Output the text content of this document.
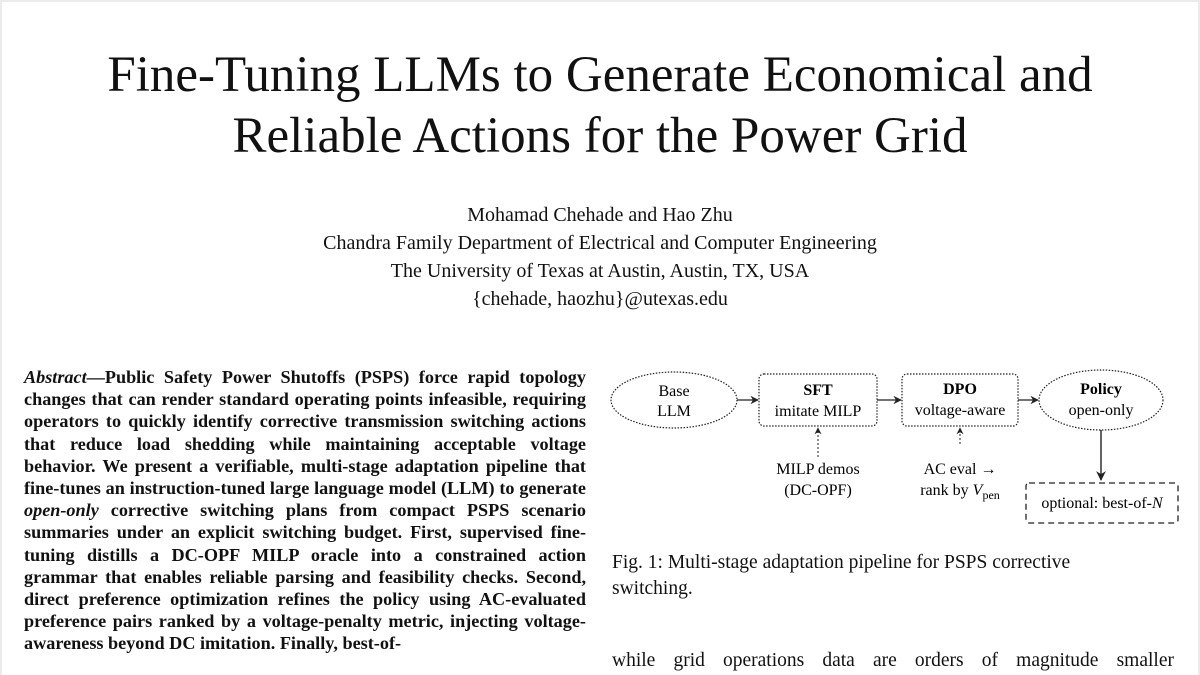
Fine-Tuning LLMs to Generate Economical and
Reliable Actions for the Power Grid
Mohamad Chehade and Hao Zhu
Chandra Family Department of Electrical and Computer Engineering
The University of Texas at Austin, Austin, TX, USA
{chehade, haozhu}@utexas.edu
Abstract—Public Safety Power Shutoffs (PSPS) force rapid topology changes that can render standard operating points infeasible, requiring operators to quickly identify corrective transmission switching actions that reduce load shedding while maintaining acceptable voltage behavior. We present a verifiable, multi-stage adaptation pipeline that fine-tunes an instruction-tuned large language model (LLM) to generate open-only corrective switching plans from compact PSPS scenario summaries under an explicit switching budget. First, supervised fine-tuning distills a DC-OPF MILP oracle into a constrained action grammar that enables reliable parsing and feasibility checks. Second, direct preference optimization refines the policy using AC-evaluated preference pairs ranked by a voltage-penalty metric, injecting voltage-awareness beyond DC imitation. Finally, best-of-
Base
LLM
SFT
imitate MILP
DPO
voltage-aware
Policy
open-only
MILP demos
(DC-OPF)
AC eval →
rank by $V_{pen}$	optional: best-of-N
Fig. 1: Multi-stage adaptation pipeline for PSPS corrective
switching.
while grid operations data are orders of magnitude smaller
